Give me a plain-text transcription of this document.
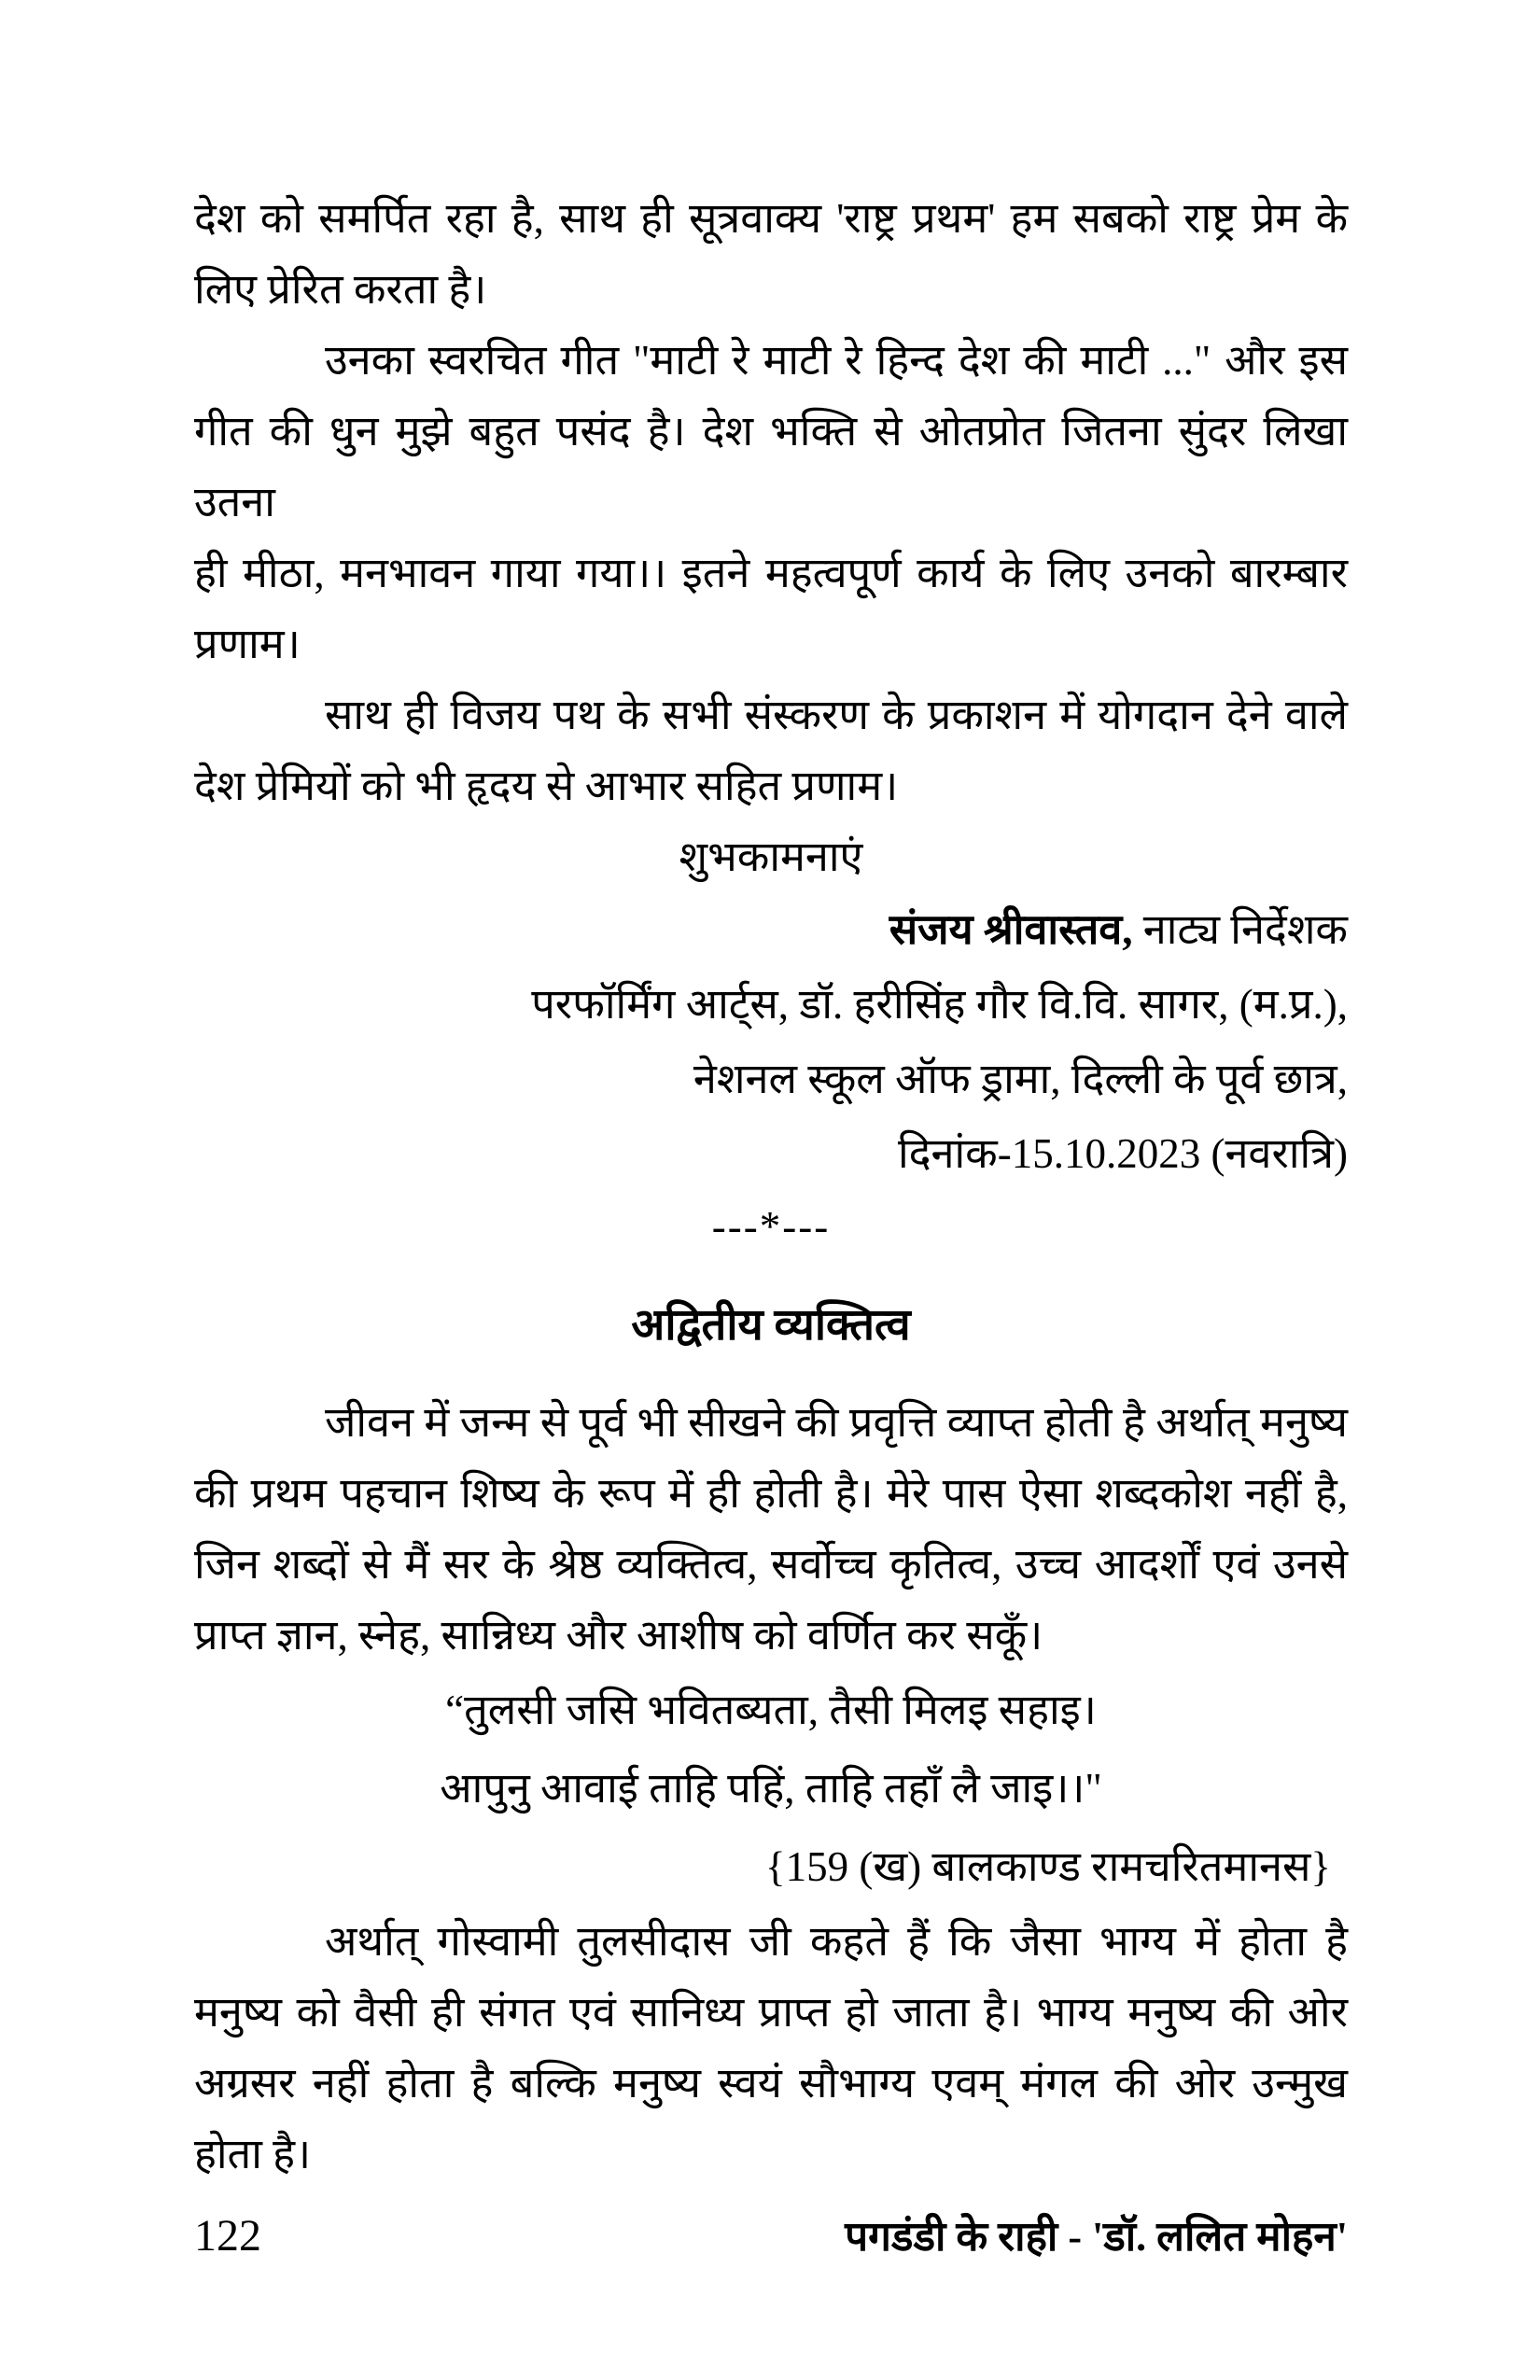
देश को समर्पित रहा है, साथ ही सूत्रवाक्य 'राष्ट्र प्रथम' हम सबको राष्ट्र प्रेम के
लिए प्रेरित करता है।
उनका स्वरचित गीत "माटी रे माटी रे हिन्द देश की माटी ..." और इस
गीत की धुन मुझे बहुत पसंद है। देश भक्ति से ओतप्रोत जितना सुंदर लिखा उतना
ही मीठा, मनभावन गाया गया।। इतने महत्वपूर्ण कार्य के लिए उनको बारम्बार
प्रणाम।
साथ ही विजय पथ के सभी संस्करण के प्रकाशन में योगदान देने वाले
देश प्रेमियों को भी हृदय से आभार सहित प्रणाम।
शुभकामनाएं
संजय श्रीवास्तव, नाट्य निर्देशक
परफॉर्मिंग आर्ट्स, डॉ. हरीसिंह गौर वि.वि. सागर, (म.प्र.),
नेशनल स्कूल ऑफ ड्रामा, दिल्ली के पूर्व छात्र,
दिनांक-15.10.2023 (नवरात्रि)
---*---
अद्वितीय व्यक्तित्व
जीवन में जन्म से पूर्व भी सीखने की प्रवृत्ति व्याप्त होती है अर्थात् मनुष्य
की प्रथम पहचान शिष्य के रूप में ही होती है। मेरे पास ऐसा शब्दकोश नहीं है,
जिन शब्दों से मैं सर के श्रेष्ठ व्यक्तित्व, सर्वोच्च कृतित्व, उच्च आदर्शों एवं उनसे
प्राप्त ज्ञान, स्नेह, सान्निध्य और आशीष को वर्णित कर सकूँ।
“तुलसी जसि भवितब्यता, तैसी मिलइ सहाइ।
आपुनु आवाई ताहि पहिं, ताहि तहाँ लै जाइ।।"
{159 (ख) बालकाण्ड रामचरितमानस}
अर्थात् गोस्वामी तुलसीदास जी कहते हैं कि जैसा भाग्य में होता है
मनुष्य को वैसी ही संगत एवं सानिध्य प्राप्त हो जाता है। भाग्य मनुष्य की ओर
अग्रसर नहीं होता है बल्कि मनुष्य स्वयं सौभाग्य एवम् मंगल की ओर उन्मुख
होता है।
122	पगडंडी के राही - 'डॉ. ललित मोहन'
